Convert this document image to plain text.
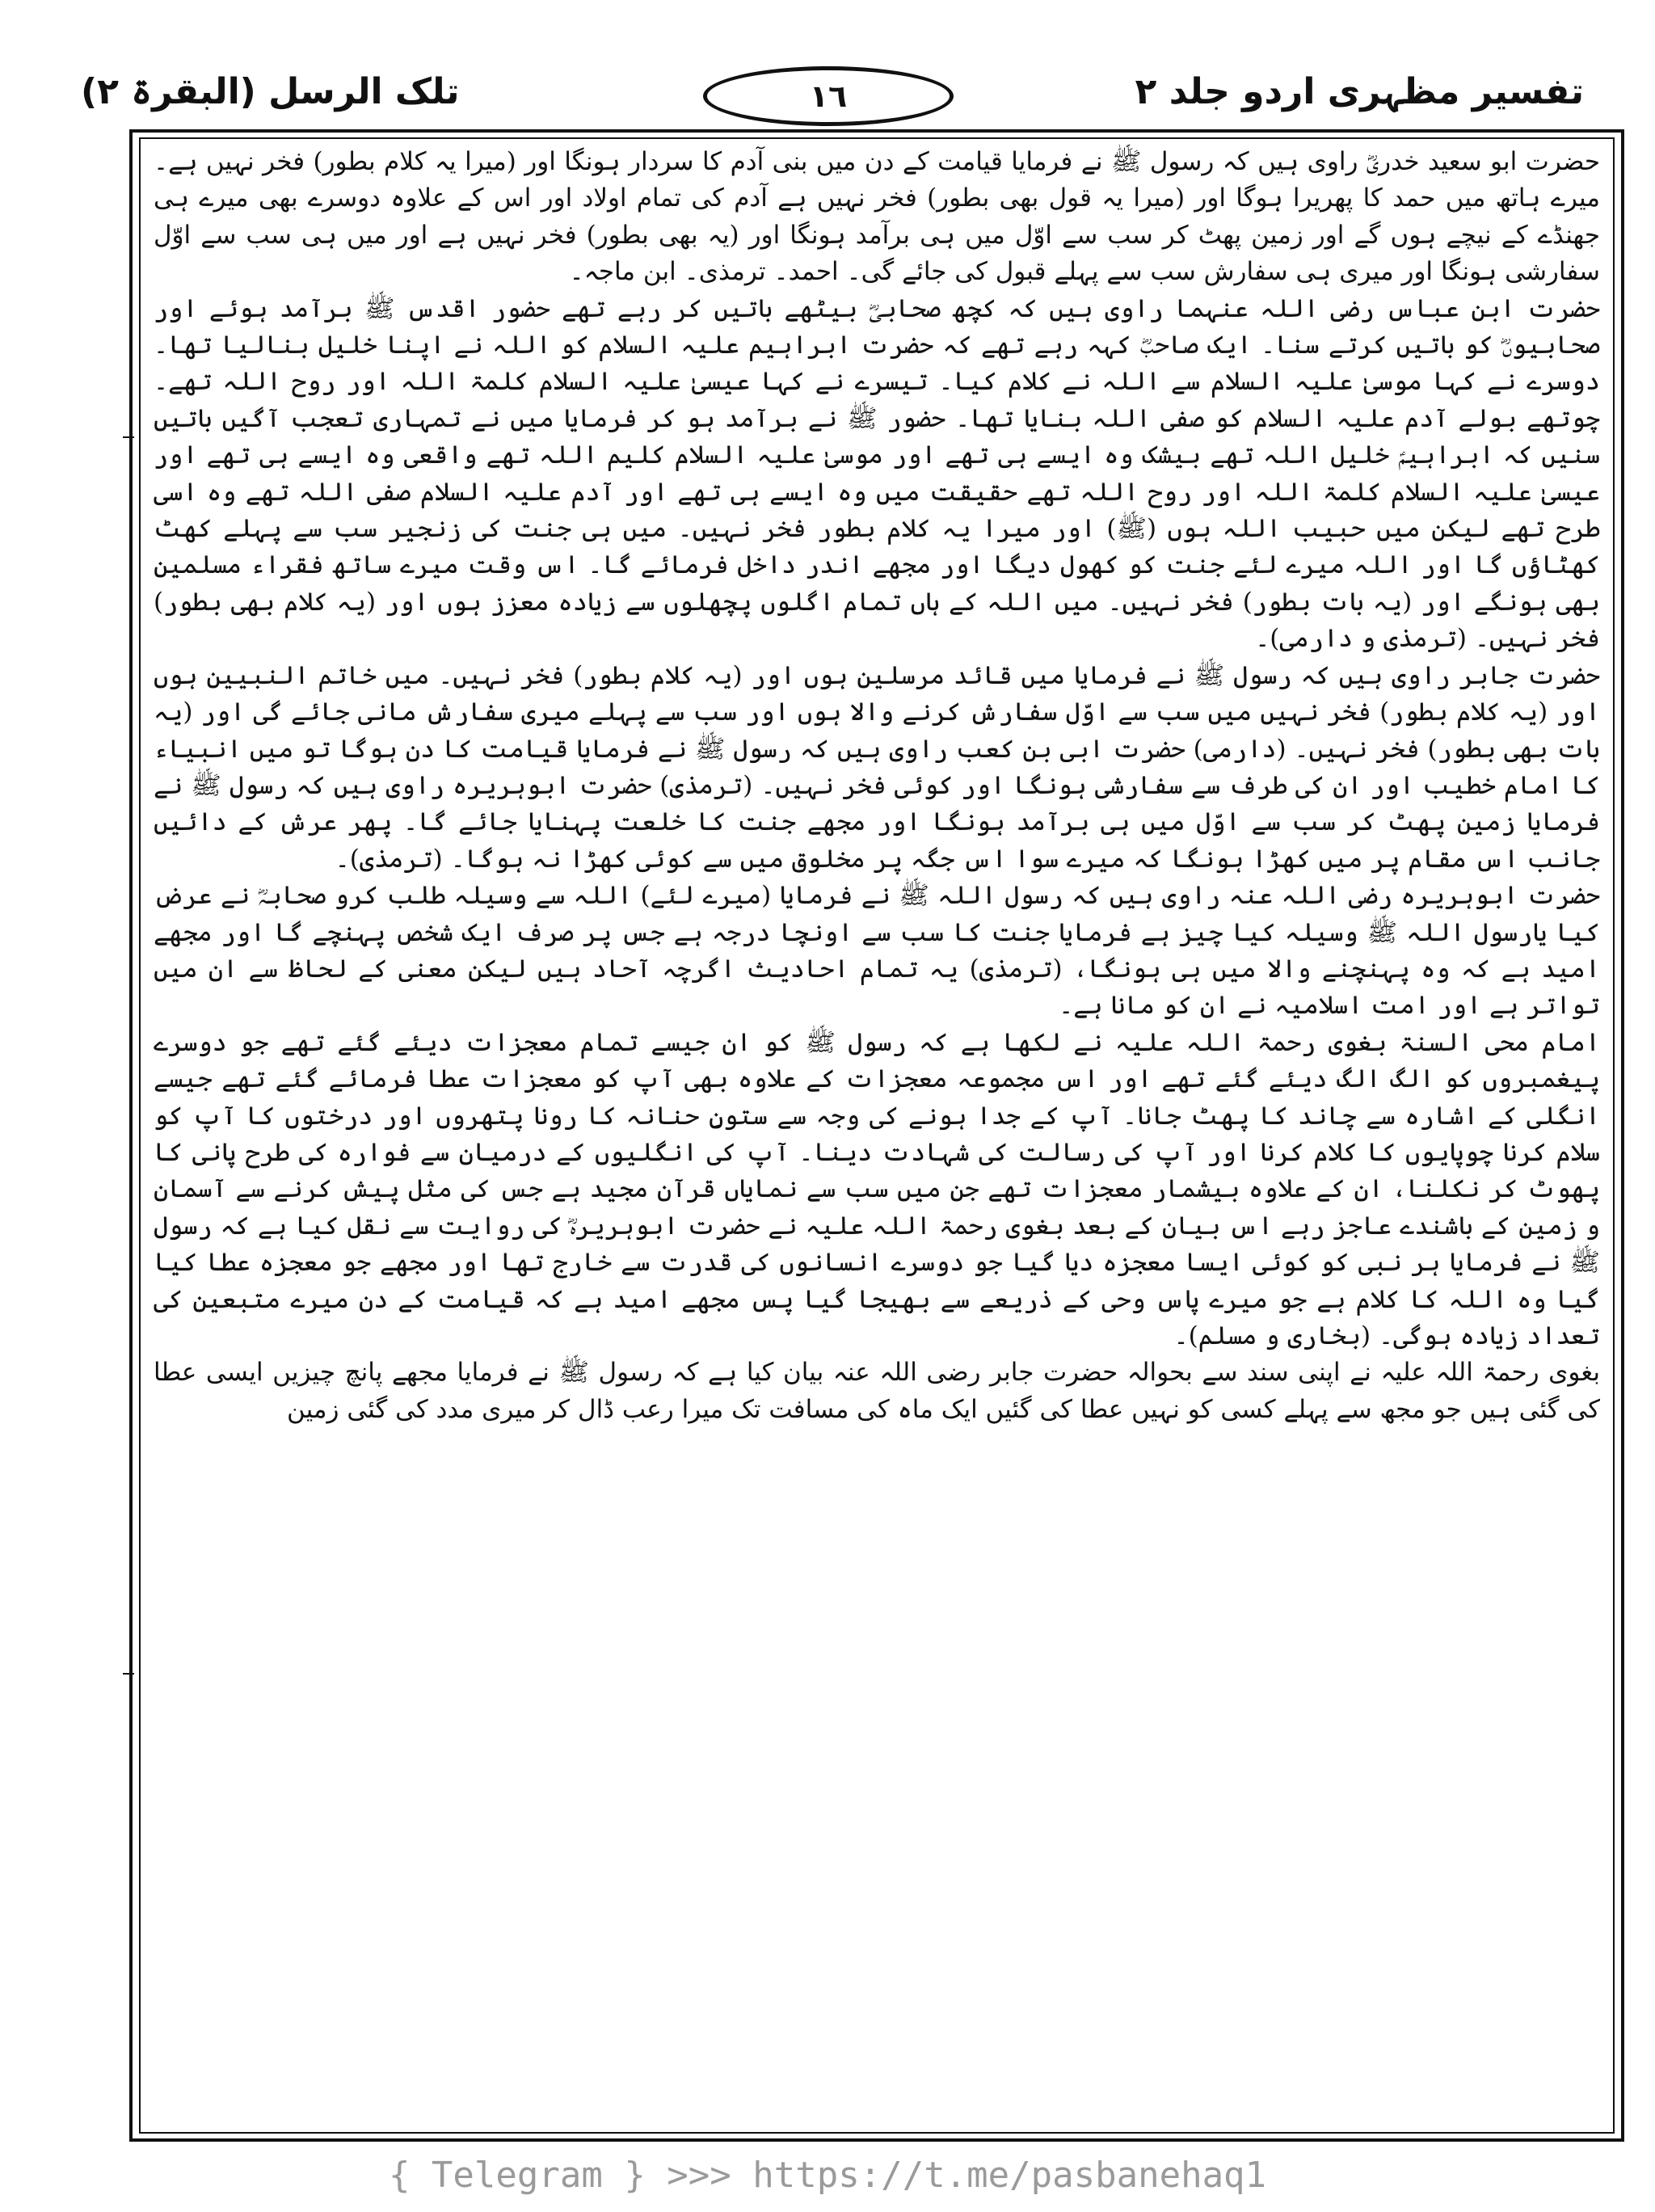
تفسیر مظہری اردو جلد ۲
١٦
تلک الرسل (البقرۃ ۲)

حضرت ابو سعید خدریؓ راوی ہیں کہ رسول ﷺ نے فرمایا قیامت کے دن میں بنی آدم کا سردار ہونگا اور (میرا یہ کلام بطور) فخر نہیں ہے۔ میرے ہاتھ میں حمد کا پھریرا ہوگا اور (میرا یہ قول بھی بطور) فخر نہیں ہے آدم کی تمام اولاد اور اس کے علاوہ دوسرے بھی میرے ہی جھنڈے کے نیچے ہوں گے اور زمین پھٹ کر سب سے اوّل میں ہی برآمد ہونگا اور (یہ بھی بطور) فخر نہیں ہے اور میں ہی سب سے اوّل سفارشی ہونگا اور میری ہی سفارش سب سے پہلے قبول کی جائے گی۔ احمد۔ ترمذی۔ ابن ماجہ۔

حضرت ابن عباس رضی اللہ عنہما راوی ہیں کہ کچھ صحابیؓ بیٹھے باتیں کر رہے تھے حضور اقدس ﷺ برآمد ہوئے اور صحابیوںؓ کو باتیں کرتے سنا۔ ایک صاحبؓ کہہ رہے تھے کہ حضرت ابراہیم علیہ السلام کو اللہ نے اپنا خلیل بنالیا تھا۔ دوسرے نے کہا موسیٰ علیہ السلام سے اللہ نے کلام کیا۔ تیسرے نے کہا عیسیٰ علیہ السلام کلمۃ اللہ اور روح اللہ تھے۔ چوتھے بولے آدم علیہ السلام کو صفی اللہ بنایا تھا۔ حضور ﷺ نے برآمد ہو کر فرمایا میں نے تمہاری تعجب آگیں باتیں سنیں کہ ابراہیمؑ خلیل اللہ تھے بیشک وہ ایسے ہی تھے اور موسیٰ علیہ السلام کلیم اللہ تھے واقعی وہ ایسے ہی تھے اور عیسیٰ علیہ السلام کلمۃ اللہ اور روح اللہ تھے حقیقت میں وہ ایسے ہی تھے اور آدم علیہ السلام صفی اللہ تھے وہ اسی طرح تھے لیکن میں حبیب اللہ ہوں (ﷺ) اور میرا یہ کلام بطور فخر نہیں۔ میں ہی جنت کی زنجیر سب سے پہلے کھٹ کھٹاؤں گا اور اللہ میرے لئے جنت کو کھول دیگا اور مجھے اندر داخل فرمائے گا۔ اس وقت میرے ساتھ فقراء مسلمین بھی ہونگے اور (یہ بات بطور) فخر نہیں۔ میں اللہ کے ہاں تمام اگلوں پچھلوں سے زیادہ معزز ہوں اور (یہ کلام بھی بطور) فخر نہیں۔ (ترمذی و دارمی)۔

حضرت جابر راوی ہیں کہ رسول ﷺ نے فرمایا میں قائد مرسلین ہوں اور (یہ کلام بطور) فخر نہیں۔ میں خاتم النبیین ہوں اور (یہ کلام بطور) فخر نہیں میں سب سے اوّل سفارش کرنے والا ہوں اور سب سے پہلے میری سفارش مانی جائے گی اور (یہ بات بھی بطور) فخر نہیں۔ (دارمی) حضرت ابی بن کعب راوی ہیں کہ رسول ﷺ نے فرمایا قیامت کا دن ہوگا تو میں انبیاء کا امام خطیب اور ان کی طرف سے سفارشی ہونگا اور کوئی فخر نہیں۔ (ترمذی) حضرت ابوہریرہ راوی ہیں کہ رسول ﷺ نے فرمایا زمین پھٹ کر سب سے اوّل میں ہی برآمد ہونگا اور مجھے جنت کا خلعت پہنایا جائے گا۔ پھر عرش کے دائیں جانب اس مقام پر میں کھڑا ہونگا کہ میرے سوا اس جگہ پر مخلوق میں سے کوئی کھڑا نہ ہوگا۔ (ترمذی)۔

حضرت ابوہریرہ رضی اللہ عنہ راوی ہیں کہ رسول اللہ ﷺ نے فرمایا (میرے لئے) اللہ سے وسیلہ طلب کرو صحابہؓ نے عرض کیا یارسول اللہ ﷺ وسیلہ کیا چیز ہے فرمایا جنت کا سب سے اونچا درجہ ہے جس پر صرف ایک شخص پہنچے گا اور مجھے امید ہے کہ وہ پہنچنے والا میں ہی ہونگا، (ترمذی) یہ تمام احادیث اگرچہ آحاد ہیں لیکن معنی کے لحاظ سے ان میں تواتر ہے اور امت اسلامیہ نے ان کو مانا ہے۔

امام محی السنۃ بغوی رحمۃ اللہ علیہ نے لکھا ہے کہ رسول ﷺ کو ان جیسے تمام معجزات دیئے گئے تھے جو دوسرے پیغمبروں کو الگ الگ دیئے گئے تھے اور اس مجموعہ معجزات کے علاوہ بھی آپ کو معجزات عطا فرمائے گئے تھے جیسے انگلی کے اشارہ سے چاند کا پھٹ جانا۔ آپ کے جدا ہونے کی وجہ سے ستونِ حنانہ کا رونا پتھروں اور درختوں کا آپ کو سلام کرنا چوپایوں کا کلام کرنا اور آپ کی رسالت کی شہادت دینا۔ آپ کی انگلیوں کے درمیان سے فوارہ کی طرح پانی کا پھوٹ کر نکلنا، ان کے علاوہ بیشمار معجزات تھے جن میں سب سے نمایاں قرآن مجید ہے جس کی مثل پیش کرنے سے آسمان و زمین کے باشندے عاجز رہے اس بیان کے بعد بغوی رحمۃ اللہ علیہ نے حضرت ابوہریرہؓ کی روایت سے نقل کیا ہے کہ رسول ﷺ نے فرمایا ہر نبی کو کوئی ایسا معجزہ دیا گیا جو دوسرے انسانوں کی قدرت سے خارج تھا اور مجھے جو معجزہ عطا کیا گیا وہ اللہ کا کلام ہے جو میرے پاس وحی کے ذریعے سے بھیجا گیا پس مجھے امید ہے کہ قیامت کے دن میرے متبعین کی تعداد زیادہ ہوگی۔ (بخاری و مسلم)۔

بغوی رحمۃ اللہ علیہ نے اپنی سند سے بحوالہ حضرت جابر رضی اللہ عنہ بیان کیا ہے کہ رسول ﷺ نے فرمایا مجھے پانچ چیزیں ایسی عطا کی گئی ہیں جو مجھ سے پہلے کسی کو نہیں عطا کی گئیں ایک ماہ کی مسافت تک میرا رعب ڈال کر میری مدد کی گئی زمین

{ Telegram } >>> https://t.me/pasbanehaq1
